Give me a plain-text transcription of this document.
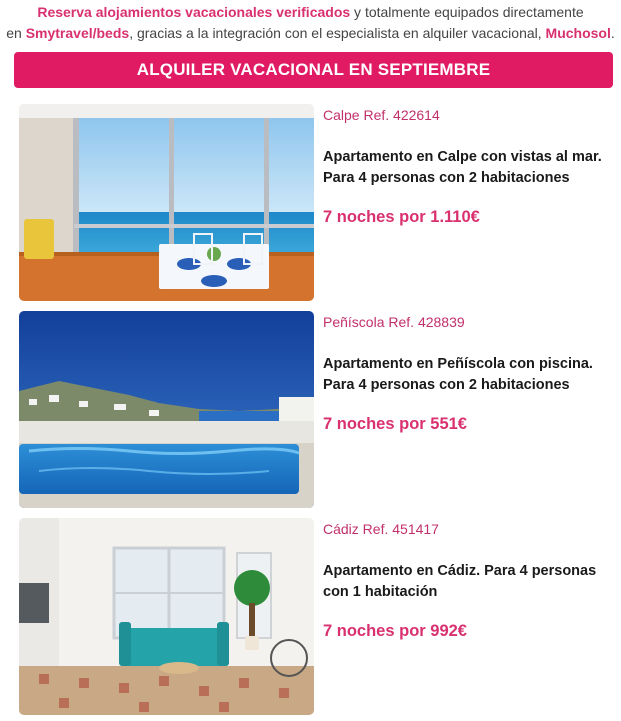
Reserva alojamientos vacacionales verificados y totalmente equipados directamente
en Smytravel/beds, gracias a la integración con el especialista en alquiler vacacional, Muchosol.
ALQUILER VACACIONAL EN SEPTIEMBRE
Calpe Ref. 422614
Apartamento en Calpe con vistas al mar. Para 4 personas con 2 habitaciones
7 noches por 1.110€
Peñíscola Ref. 428839
Apartamento en Peñíscola con piscina. Para 4 personas con 2 habitaciones
7 noches por 551€
Cádiz Ref. 451417
Apartamento en Cádiz. Para 4 personas con 1 habitación
7 noches por 992€
